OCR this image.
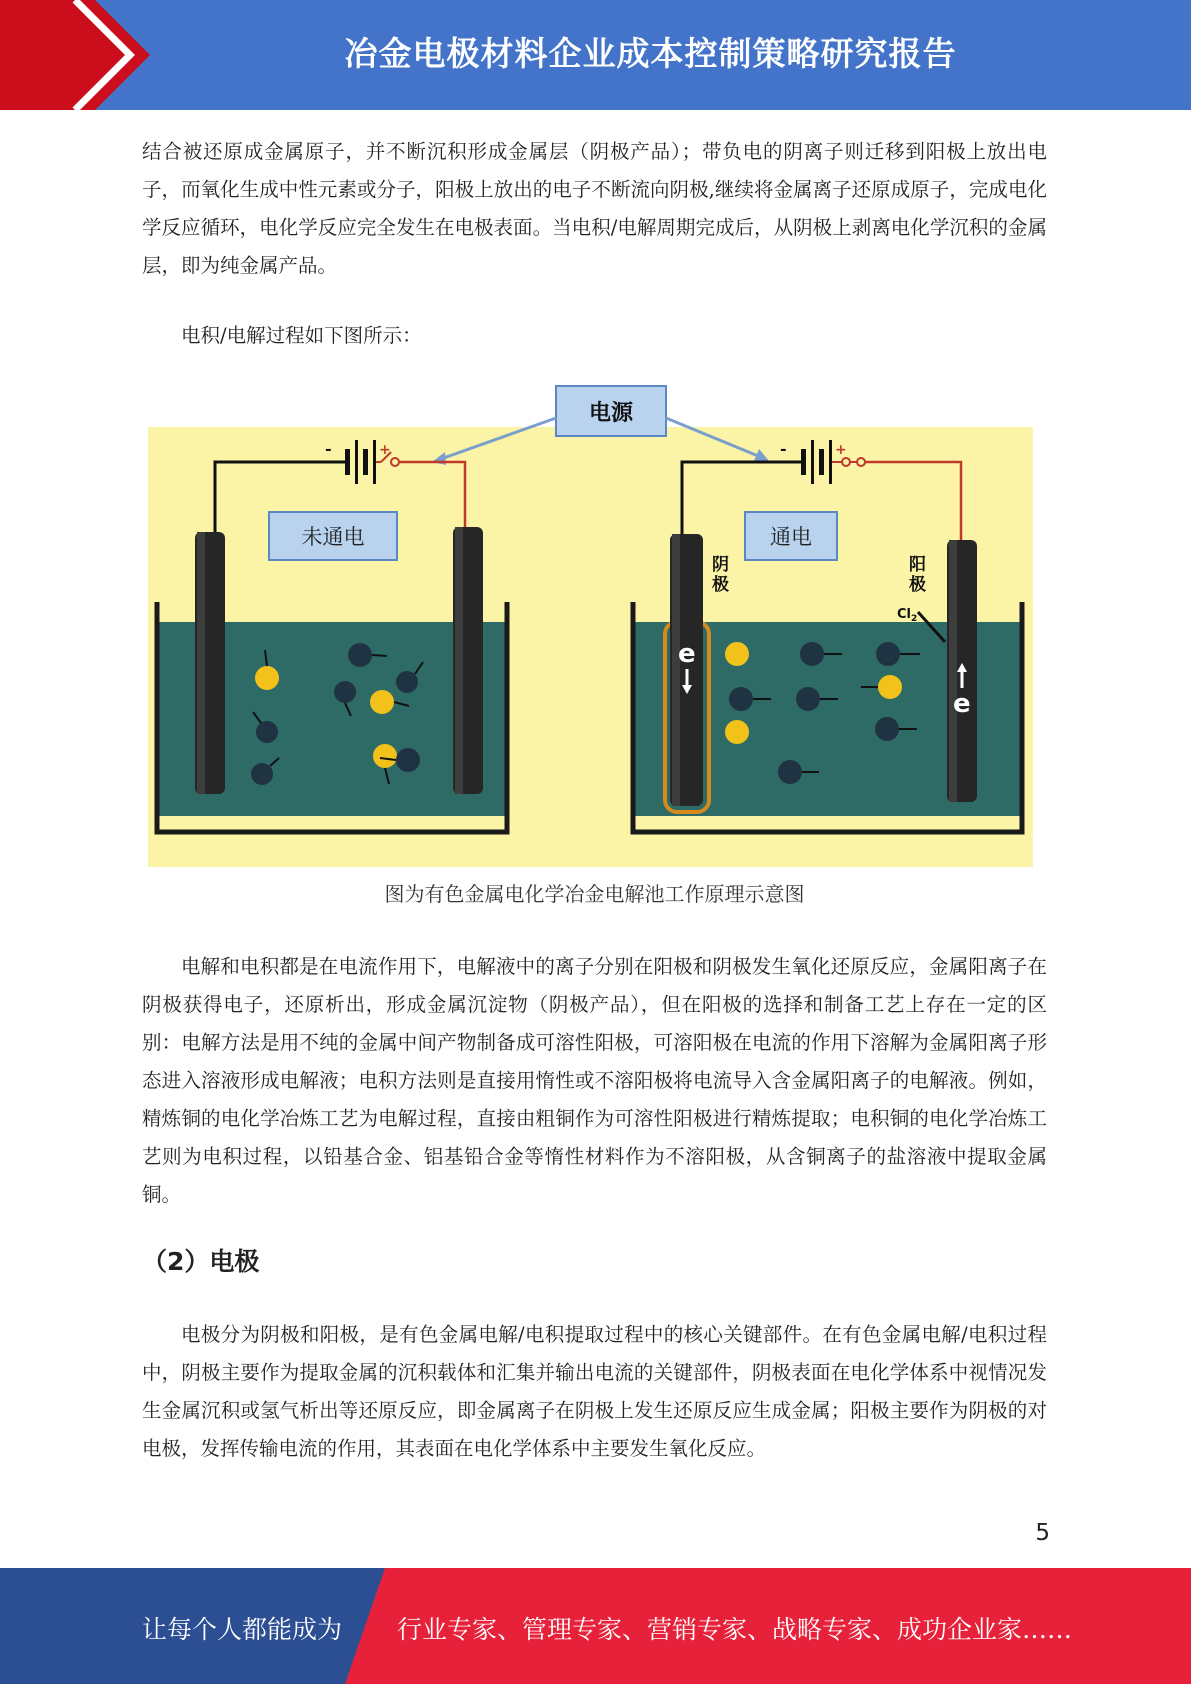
冶金电极材料企业成本控制策略研究报告

结合被还原成金属原子，并不断沉积形成金属层（阴极产品）；带负电的阴离子则迁移到阳极上放出电子，而氧化生成中性元素或分子，阳极上放出的电子不断流向阴极,继续将金属离子还原成原子，完成电化学反应循环，电化学反应完全发生在电极表面。当电积/电解周期完成后，从阴极上剥离电化学沉积的金属层，即为纯金属产品。

电积/电解过程如下图所示：

电源
-	+
未通电
-	+
通电
阴
极
阳
极
e
e
$Cl_2$
图为有色金属电化学冶金电解池工作原理示意图

电解和电积都是在电流作用下，电解液中的离子分别在阳极和阴极发生氧化还原反应，金属阳离子在阴极获得电子，还原析出，形成金属沉淀物（阴极产品），但在阳极的选择和制备工艺上存在一定的区别：电解方法是用不纯的金属中间产物制备成可溶性阳极，可溶阳极在电流的作用下溶解为金属阳离子形态进入溶液形成电解液；电积方法则是直接用惰性或不溶阳极将电流导入含金属阳离子的电解液。例如，精炼铜的电化学冶炼工艺为电解过程，直接由粗铜作为可溶性阳极进行精炼提取；电积铜的电化学冶炼工艺则为电积过程，以铅基合金、铝基铅合金等惰性材料作为不溶阳极，从含铜离子的盐溶液中提取金属铜。

（2）电极

电极分为阴极和阳极，是有色金属电解/电积提取过程中的核心关键部件。在有色金属电解/电积过程中，阴极主要作为提取金属的沉积载体和汇集并输出电流的关键部件，阴极表面在电化学体系中视情况发生金属沉积或氢气析出等还原反应，即金属离子在阴极上发生还原反应生成金属；阳极主要作为阴极的对电极，发挥传输电流的作用，其表面在电化学体系中主要发生氧化反应。

5
让每个人都能成为 行业专家、管理专家、营销专家、战略专家、成功企业家……
